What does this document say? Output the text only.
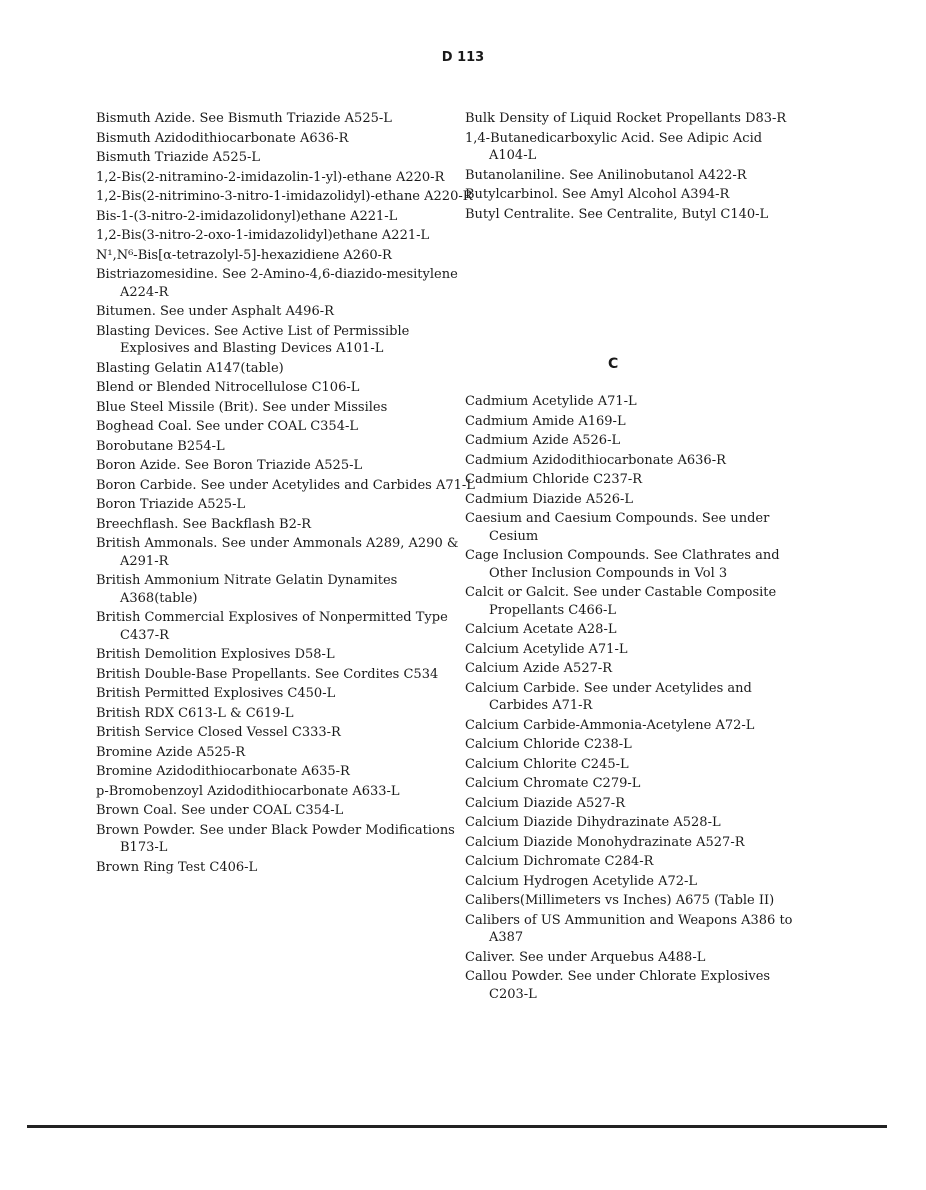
D 113
Bismuth Azide. See Bismuth Triazide A525-L
Bismuth Azidodithiocarbonate A636-R
Bismuth Triazide A525-L
1,2-Bis(2-nitramino-2-imidazolin-1-yl)-ethane A220-R
1,2-Bis(2-nitrimino-3-nitro-1-imidazolidyl)-ethane A220-R
Bis-1-(3-nitro-2-imidazolidonyl)ethane A221-L
1,2-Bis(3-nitro-2-oxo-1-imidazolidyl)ethane A221-L
N¹,N⁶-Bis[α-tetrazolyl-5]-hexazidiene A260-R
Bistriazomesidine. See 2-Amino-4,6-diazido-mesitylene A224-R
Bitumen. See under Asphalt A496-R
Blasting Devices. See Active List of Permissible Explosives and Blasting Devices A101-L
Blasting Gelatin A147(table)
Blend or Blended Nitrocellulose C106-L
Blue Steel Missile (Brit). See under Missiles
Boghead Coal. See under COAL C354-L
Borobutane B254-L
Boron Azide. See Boron Triazide A525-L
Boron Carbide. See under Acetylides and Carbides A71-L
Boron Triazide A525-L
Breechflash. See Backflash B2-R
British Ammonals. See under Ammonals A289, A290 & A291-R
British Ammonium Nitrate Gelatin Dynamites A368(table)
British Commercial Explosives of Nonpermitted Type C437-R
British Demolition Explosives D58-L
British Double-Base Propellants. See Cordites C534
British Permitted Explosives C450-L
British RDX C613-L & C619-L
British Service Closed Vessel C333-R
Bromine Azide A525-R
Bromine Azidodithiocarbonate A635-R
p-Bromobenzoyl Azidodithiocarbonate A633-L
Brown Coal. See under COAL C354-L
Brown Powder. See under Black Powder Modifications B173-L
Brown Ring Test C406-L
Bulk Density of Liquid Rocket Propellants D83-R
1,4-Butanedicarboxylic Acid. See Adipic Acid A104-L
Butanolaniline. See Anilinobutanol A422-R
Butylcarbinol. See Amyl Alcohol A394-R
Butyl Centralite. See Centralite, Butyl C140-L
C
Cadmium Acetylide A71-L
Cadmium Amide A169-L
Cadmium Azide A526-L
Cadmium Azidodithiocarbonate A636-R
Cadmium Chloride C237-R
Cadmium Diazide A526-L
Caesium and Caesium Compounds. See under Cesium
Cage Inclusion Compounds. See Clathrates and Other Inclusion Compounds in Vol 3
Calcit or Galcit. See under Castable Composite Propellants C466-L
Calcium Acetate A28-L
Calcium Acetylide A71-L
Calcium Azide A527-R
Calcium Carbide. See under Acetylides and Carbides A71-R
Calcium Carbide-Ammonia-Acetylene A72-L
Calcium Chloride C238-L
Calcium Chlorite C245-L
Calcium Chromate C279-L
Calcium Diazide A527-R
Calcium Diazide Dihydrazinate A528-L
Calcium Diazide Monohydrazinate A527-R
Calcium Dichromate C284-R
Calcium Hydrogen Acetylide A72-L
Calibers(Millimeters vs Inches) A675 (Table II)
Calibers of US Ammunition and Weapons A386 to A387
Caliver. See under Arquebus A488-L
Callou Powder. See under Chlorate Explosives C203-L
